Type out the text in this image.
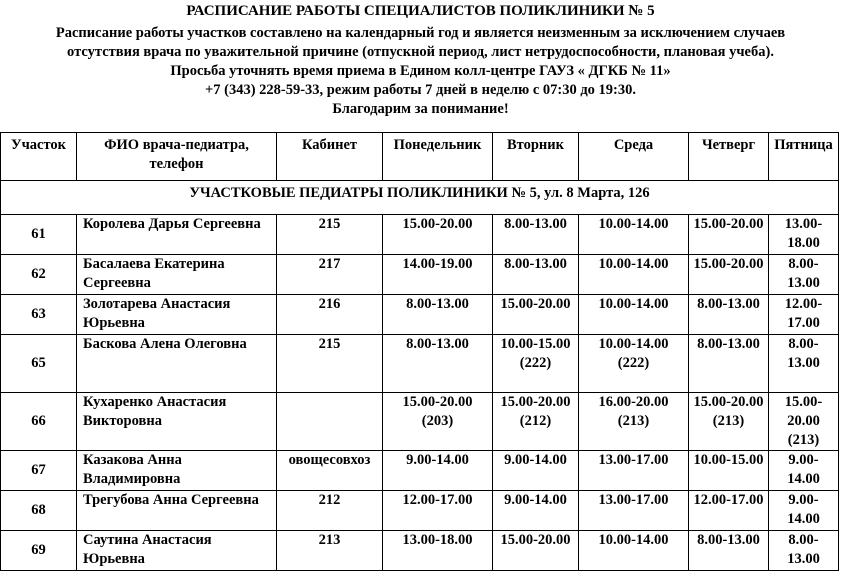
РАСПИСАНИЕ РАБОТЫ СПЕЦИАЛИСТОВ ПОЛИКЛИНИКИ № 5
Расписание работы участков составлено на календарный год и является неизменным за исключением случаев
отсутствия врача по уважительной причине (отпускной период, лист нетрудоспособности, плановая учеба).
Просьба уточнять время приема в Едином колл-центре ГАУЗ « ДГКБ № 11»
+7 (343) 228-59-33, режим работы 7 дней в неделю с 07:30 до 19:30.
Благодарим за понимание!
Участок	ФИО врача-педиатра, телефон	Кабинет	Понедельник	Вторник	Среда	Четверг	Пятница
УЧАСТКОВЫЕ ПЕДИАТРЫ ПОЛИКЛИНИКИ № 5, ул. 8 Марта, 126							
61	Королева Дарья Сергеевна	215	15.00-20.00	8.00-13.00	10.00-14.00	15.00-20.00	13.00-18.00
62	Басалаева Екатерина Сергеевна	217	14.00-19.00	8.00-13.00	10.00-14.00	15.00-20.00	8.00-13.00
63	Золотарева Анастасия Юрьевна	216	8.00-13.00	15.00-20.00	10.00-14.00	8.00-13.00	12.00-17.00
65	Баскова Алена Олеговна	215	8.00-13.00	10.00-15.00 (222)	10.00-14.00 (222)	8.00-13.00	8.00-13.00
66	Кухаренко Анастасия Викторовна		15.00-20.00 (203)	15.00-20.00 (212)	16.00-20.00 (213)	15.00-20.00 (213)	15.00-20.00 (213)
67	Казакова Анна Владимировна	овощесовхоз	9.00-14.00	9.00-14.00	13.00-17.00	10.00-15.00	9.00-14.00
68	Трегубова Анна Сергеевна	212	12.00-17.00	9.00-14.00	13.00-17.00	12.00-17.00	9.00-14.00
69	Саутина Анастасия Юрьевна	213	13.00-18.00	15.00-20.00	10.00-14.00	8.00-13.00	8.00-13.00
